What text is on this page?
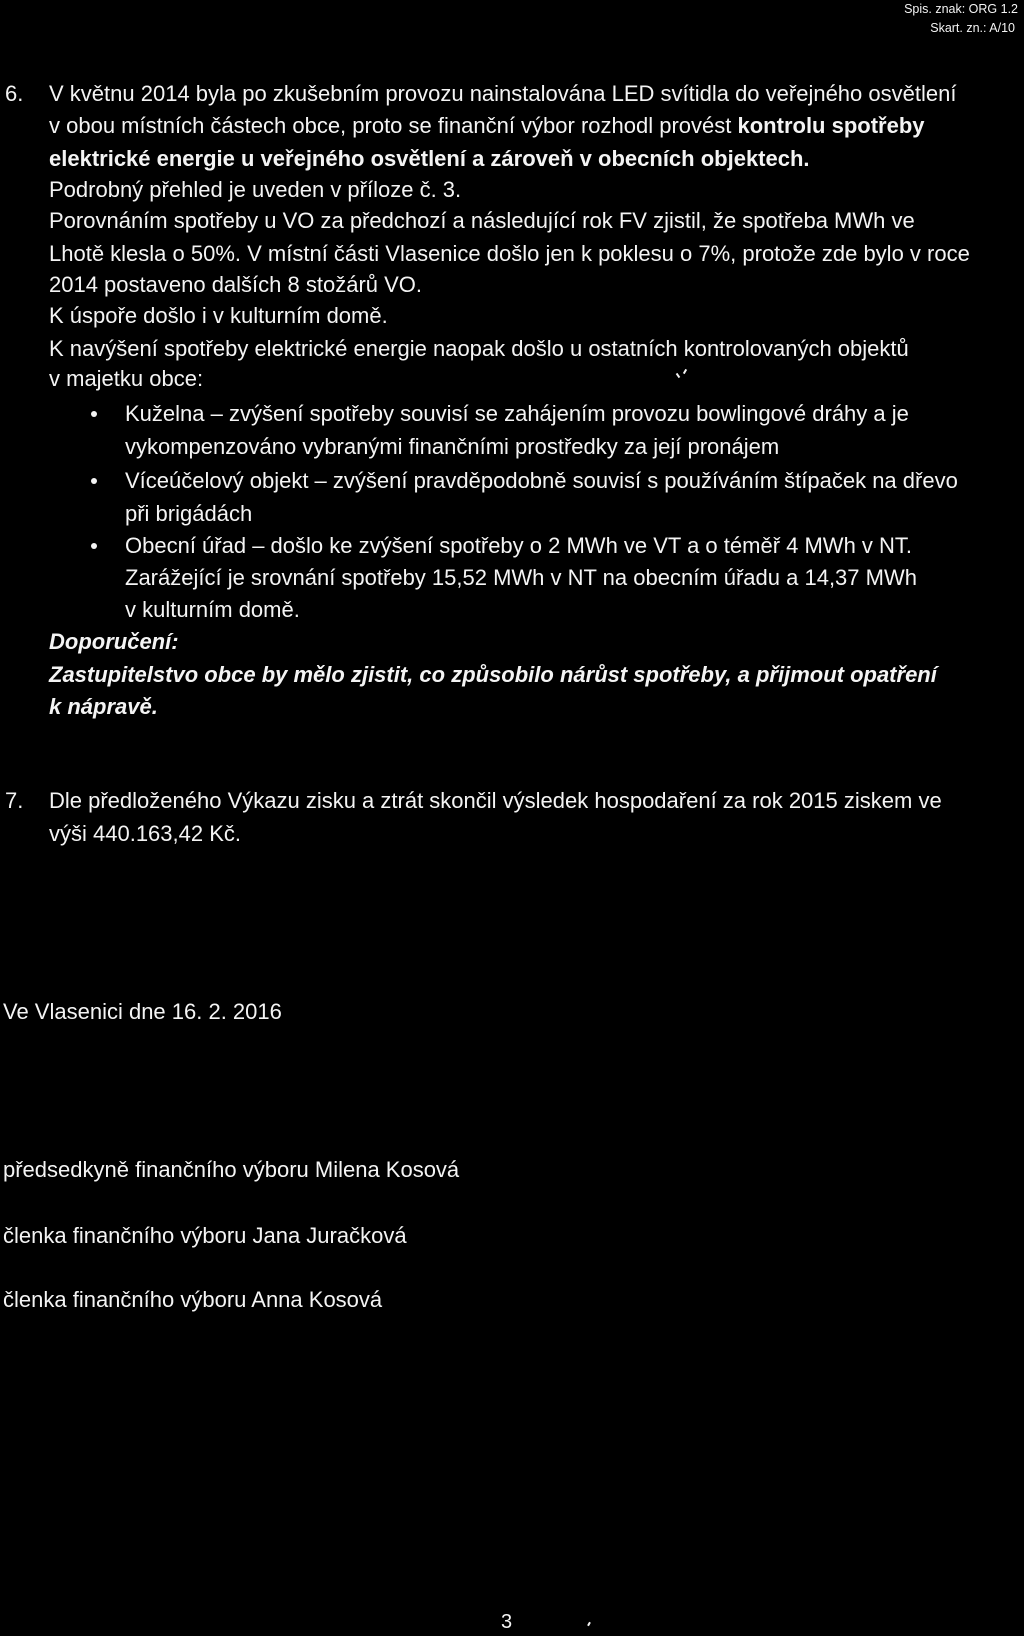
Spis. znak: ORG 1.2
Skart. zn.: A/10
6. V květnu 2014 byla po zkušebním provozu nainstalována LED svítidla do veřejného osvětlení
v obou místních částech obce, proto se finanční výbor rozhodl provést kontrolu spotřeby
elektrické energie u veřejného osvětlení a zároveň v obecních objektech.
Podrobný přehled je uveden v příloze č. 3.
Porovnáním spotřeby u VO za předchozí a následující rok FV zjistil, že spotřeba MWh ve
Lhotě klesla o 50%. V místní části Vlasenice došlo jen k poklesu o 7%, protože zde bylo v roce
2014 postaveno dalších 8 stožárů VO.
K úspoře došlo i v kulturním domě.
K navýšení spotřeby elektrické energie naopak došlo u ostatních kontrolovaných objektů
v majetku obce:
Kuželna – zvýšení spotřeby souvisí se zahájením provozu bowlingové dráhy a je
vykompenzováno vybranými finančními prostředky za její pronájem
Víceúčelový objekt – zvýšení pravděpodobně souvisí s používáním štípaček na dřevo
při brigádách
Obecní úřad – došlo ke zvýšení spotřeby o 2 MWh ve VT a o téměř 4 MWh v NT.
Zarážející je srovnání spotřeby 15,52 MWh v NT na obecním úřadu a 14,37 MWh
v kulturním domě.
Doporučení:
Zastupitelstvo obce by mělo zjistit, co způsobilo nárůst spotřeby, a přijmout opatření
k nápravě.
7. Dle předloženého Výkazu zisku a ztrát skončil výsledek hospodaření za rok 2015 ziskem ve
výši 440.163,42 Kč.
Ve Vlasenici dne 16. 2. 2016
předsedkyně finančního výboru Milena Kosová
členka finančního výboru Jana Juračková
členka finančního výboru Anna Kosová
3
